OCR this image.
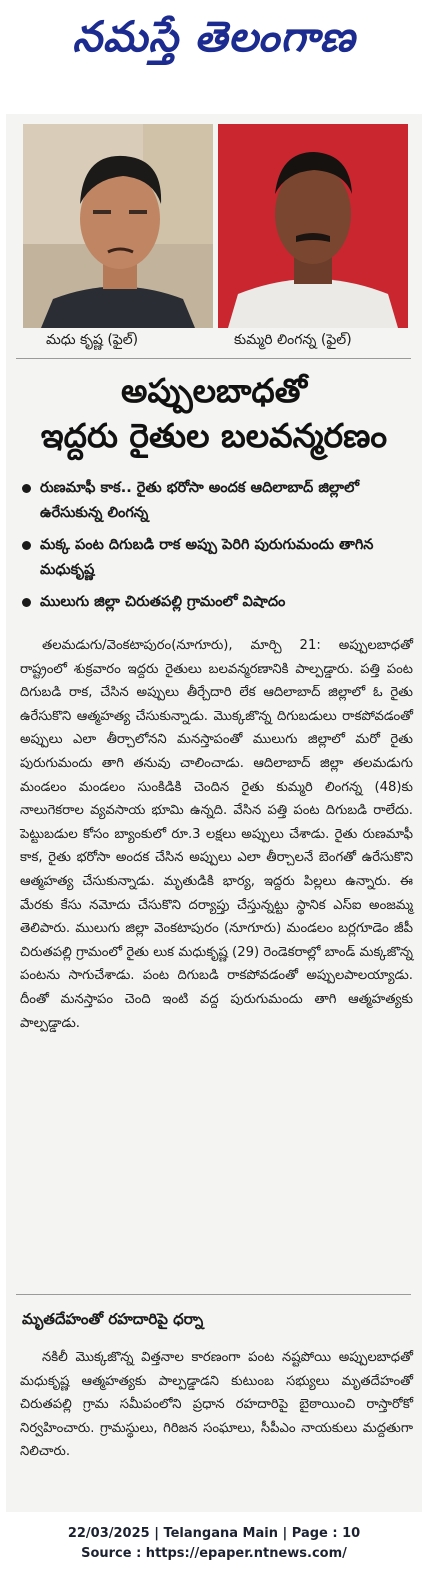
నమస్తే తెలంగాణ
మధు కృష్ణ (ఫైల్)	కుమ్మరి లింగన్న (ఫైల్)
అప్పులబాధతో
ఇద్దరు రైతుల బలవన్మరణం
రుణమాఫీ కాక.. రైతు భరోసా అందక ఆదిలాబాద్ జిల్లాలో ఉరేసుకున్న లింగన్న
మక్క పంట దిగుబడి రాక అప్పు పెరిగి పురుగుమందు తాగిన మధుకృష్ణ
ములుగు జిల్లా చిరుతపల్లి గ్రామంలో విషాదం

తలమడుగు/వెంకటాపురం(నూగూరు), మార్చి 21: అప్పులబాధతో రాష్ట్రంలో శుక్రవారం ఇద్దరు రైతులు బలవన్మరణానికి పాల్పడ్డారు. పత్తి పంట దిగుబడి రాక, చేసిన అప్పులు తీర్చేదారి లేక ఆదిలాబాద్ జిల్లాలో ఓ రైతు ఉరేసుకొని ఆత్మహత్య చేసుకున్నాడు. మొక్కజొన్న దిగుబడులు రాకపోవడంతో అప్పులు ఎలా తీర్చాలోనని మనస్తాపంతో ములుగు జిల్లాలో మరో రైతు పురుగుమందు తాగి తనువు చాలించాడు. ఆదిలాబాద్ జిల్లా తలమడుగు మండలం మండలం సుంకిడికి చెందిన రైతు కుమ్మరి లింగన్న (48)కు నాలుగెకరాల వ్యవసాయ భూమి ఉన్నది. వేసిన పత్తి పంట దిగుబడి రాలేదు. పెట్టుబడుల కోసం బ్యాంకులో రూ.3 లక్షలు అప్పులు చేశాడు. రైతు రుణమాఫీ కాక, రైతు భరోసా అందక చేసిన అప్పులు ఎలా తీర్చాలనే బెంగతో ఉరేసుకొని ఆత్మహత్య చేసుకున్నాడు. మృతుడికి భార్య, ఇద్దరు పిల్లలు ఉన్నారు. ఈ మేరకు కేసు నమోదు చేసుకొని దర్యాప్తు చేస్తున్నట్టు స్థానిక ఎస్ఐ అంజమ్మ తెలిపారు. ములుగు జిల్లా వెంకటాపురం (నూగూరు) మండలం బర్లగూడెం జీపీ చిరుతపల్లి గ్రామంలో రైతు లుక మధుకృష్ణ (29) రెండెకరాల్లో బాండ్ మక్కజొన్న పంటను సాగుచేశాడు. పంట దిగుబడి రాకపోవడంతో అప్పులపాలయ్యాడు. దీంతో మనస్తాపం చెంది ఇంటి వద్ద పురుగుమందు తాగి ఆత్మహత్యకు పాల్పడ్డాడు.

మృతదేహంతో రహదారిపై ధర్నా

నకిలీ మొక్కజొన్న విత్తనాల కారణంగా పంట నష్టపోయి అప్పులబాధతో మధుకృష్ణ ఆత్మహత్యకు పాల్పడ్డాడని కుటుంబ సభ్యులు మృతదేహంతో చిరుతపల్లి గ్రామ సమీపంలోని ప్రధాన రహదారిపై బైఠాయించి రాస్తారోకో నిర్వహించారు. గ్రామస్థులు, గిరిజన సంఘాలు, సీపీఎం నాయకులు మద్దతుగా నిలిచారు.

22/03/2025 | Telangana Main | Page : 10
Source : https://epaper.ntnews.com/
